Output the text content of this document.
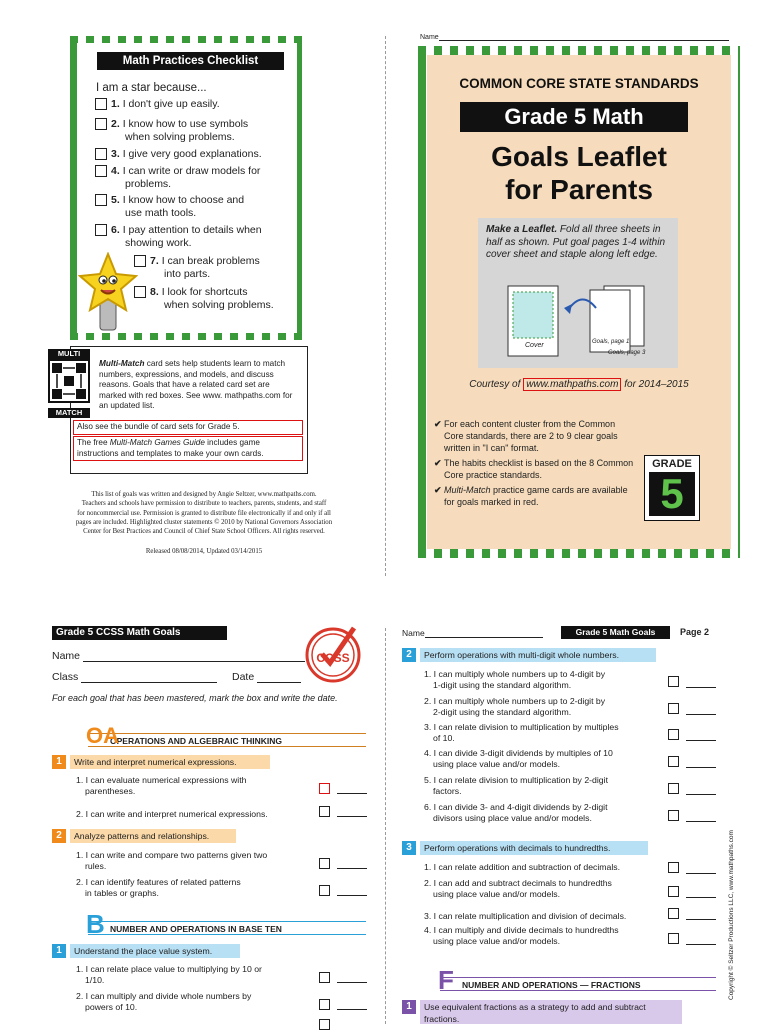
Math Practices Checklist
I am a star because...
1. I don't give up easily.
2. I know how to use symbols
when solving problems.
3. I give very good explanations.
4. I can write or draw models for
problems.
5. I know how to choose and
use math tools.
6. I pay attention to details when
showing work.
7. I can break problems
into parts.
8. I look for shortcuts
when solving problems.
Multi-Match card sets help students learn to match numbers, expressions, and models, and discuss reasons. Goals that have a related card set are marked with red boxes. See www. mathpaths.com for an updated list.
Also see the bundle of card sets for Grade 5.
The free Multi-Match Games Guide includes game instructions and templates to make your own cards.
MULTI
MATCH
This list of goals was written and designed by Angie Seltzer, www.mathpaths.com.
Teachers and schools have permission to distribute to teachers, parents, students, and staff
for noncommercial use. Permission is granted to distribute file electronically if and only if all
pages are included. Highlighted cluster statements © 2010 by National Governors Association
Center for Best Practices and Council of Chief State School Officers. All rights reserved.
Released 08/08/2014, Updated 03/14/2015
Name
COMMON CORE STATE STANDARDS
Grade 5 Math
Goals Leaflet
for Parents
Make a Leaflet. Fold all three sheets in half as shown. Put goal pages 1-4 within cover sheet and staple along left edge.
Cover	Goals, page 1
Goals, page 3
Courtesy of www.mathpaths.com for 2014–2015
✔ For each content cluster from the Common Core standards, there are 2 to 9 clear goals written in "I can" format.
✔ The habits checklist is based on the 8 Common Core practice standards.
✔ Multi-Match practice game cards are available for goals marked in red.
GRADE
5
Grade 5 CCSS Math Goals
Name
Class	Date
CCSS
For each goal that has been mastered, mark the box and write the date.
OA
OPERATIONS AND ALGEBRAIC THINKING
1	Write and interpret numerical expressions.
1. I can evaluate numerical expressions with
parentheses.
2. I can write and interpret numerical expressions.
2	Analyze patterns and relationships.
1. I can write and compare two patterns given two
rules.
2. I can identify features of related patterns
in tables or graphs.
B NUMBER AND OPERATIONS IN BASE TEN
1	Understand the place value system.
1. I can relate place value to multiplying by 10 or
1/10.
2. I can multiply and divide whole numbers by
powers of 10.
Name	Grade 5 Math Goals	Page 2
2	Perform operations with multi-digit whole numbers.
1. I can multiply whole numbers up to 4-digit by
1-digit using the standard algorithm.
2. I can multiply whole numbers up to 2-digit by
2-digit using the standard algorithm.
3. I can relate division to multiplication by multiples
of 10.
4. I can divide 3-digit dividends by multiples of 10
using place value and/or models.
5. I can relate division to multiplication by 2-digit
factors.
6. I can divide 3- and 4-digit dividends by 2-digit
divisors using place value and/or models.
3	Perform operations with decimals to hundredths.
1. I can relate addition and subtraction of decimals.
2. I can add and subtract decimals to hundredths
using place value and/or models.
3. I can relate multiplication and division of decimals.
4. I can multiply and divide decimals to hundredths
using place value and/or models.
F NUMBER AND OPERATIONS — FRACTIONS
1	Use equivalent fractions as a strategy to add and subtract
fractions.
Copyright © Seltzer Productions LLC, www.mathpaths.com
